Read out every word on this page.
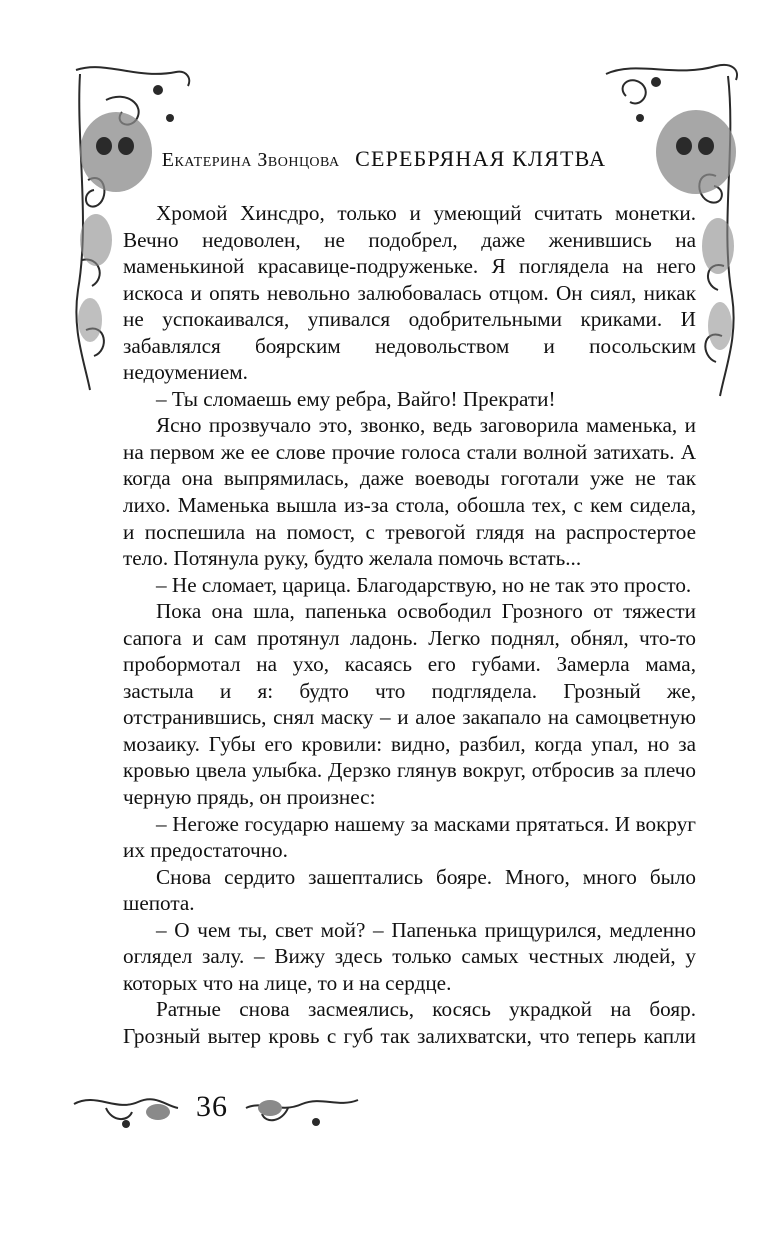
Екатерина Звонцова СЕРЕБРЯНАЯ КЛЯТВА

Хромой Хинсдро, только и умеющий считать монетки. Вечно недоволен, не подобрел, даже женившись на маменькиной красавице-подруженьке. Я поглядела на него искоса и опять невольно залюбовалась отцом. Он сиял, никак не успокаивался, упивался одобрительными криками. И забавлялся боярским недовольством и посольским недоумением.

– Ты сломаешь ему ребра, Вайго! Прекрати!

Ясно прозвучало это, звонко, ведь заговорила маменька, и на первом же ее слове прочие голоса стали волной затихать. А когда она выпрямилась, даже воеводы гоготали уже не так лихо. Маменька вышла из-за стола, обошла тех, с кем сидела, и поспешила на помост, с тревогой глядя на распростертое тело. Потянула руку, будто желала помочь встать...

– Не сломает, царица. Благодарствую, но не так это просто.

Пока она шла, папенька освободил Грозного от тяжести сапога и сам протянул ладонь. Легко поднял, обнял, что-то пробормотал на ухо, касаясь его губами. Замерла мама, застыла и я: будто что подглядела. Грозный же, отстранившись, снял маску – и алое закапало на самоцветную мозаику. Губы его кровили: видно, разбил, когда упал, но за кровью цвела улыбка. Дерзко глянув вокруг, отбросив за плечо черную прядь, он произнес:

– Негоже государю нашему за масками прятаться. И вокруг их предостаточно.

Снова сердито зашептались бояре. Много, много было шепота.

– О чем ты, свет мой? – Папенька прищурился, медленно оглядел залу. – Вижу здесь только самых честных людей, у которых что на лице, то и на сердце.

Ратные снова засмеялись, косясь украдкой на бояр. Грозный вытер кровь с губ так залихватски, что теперь капли

36
